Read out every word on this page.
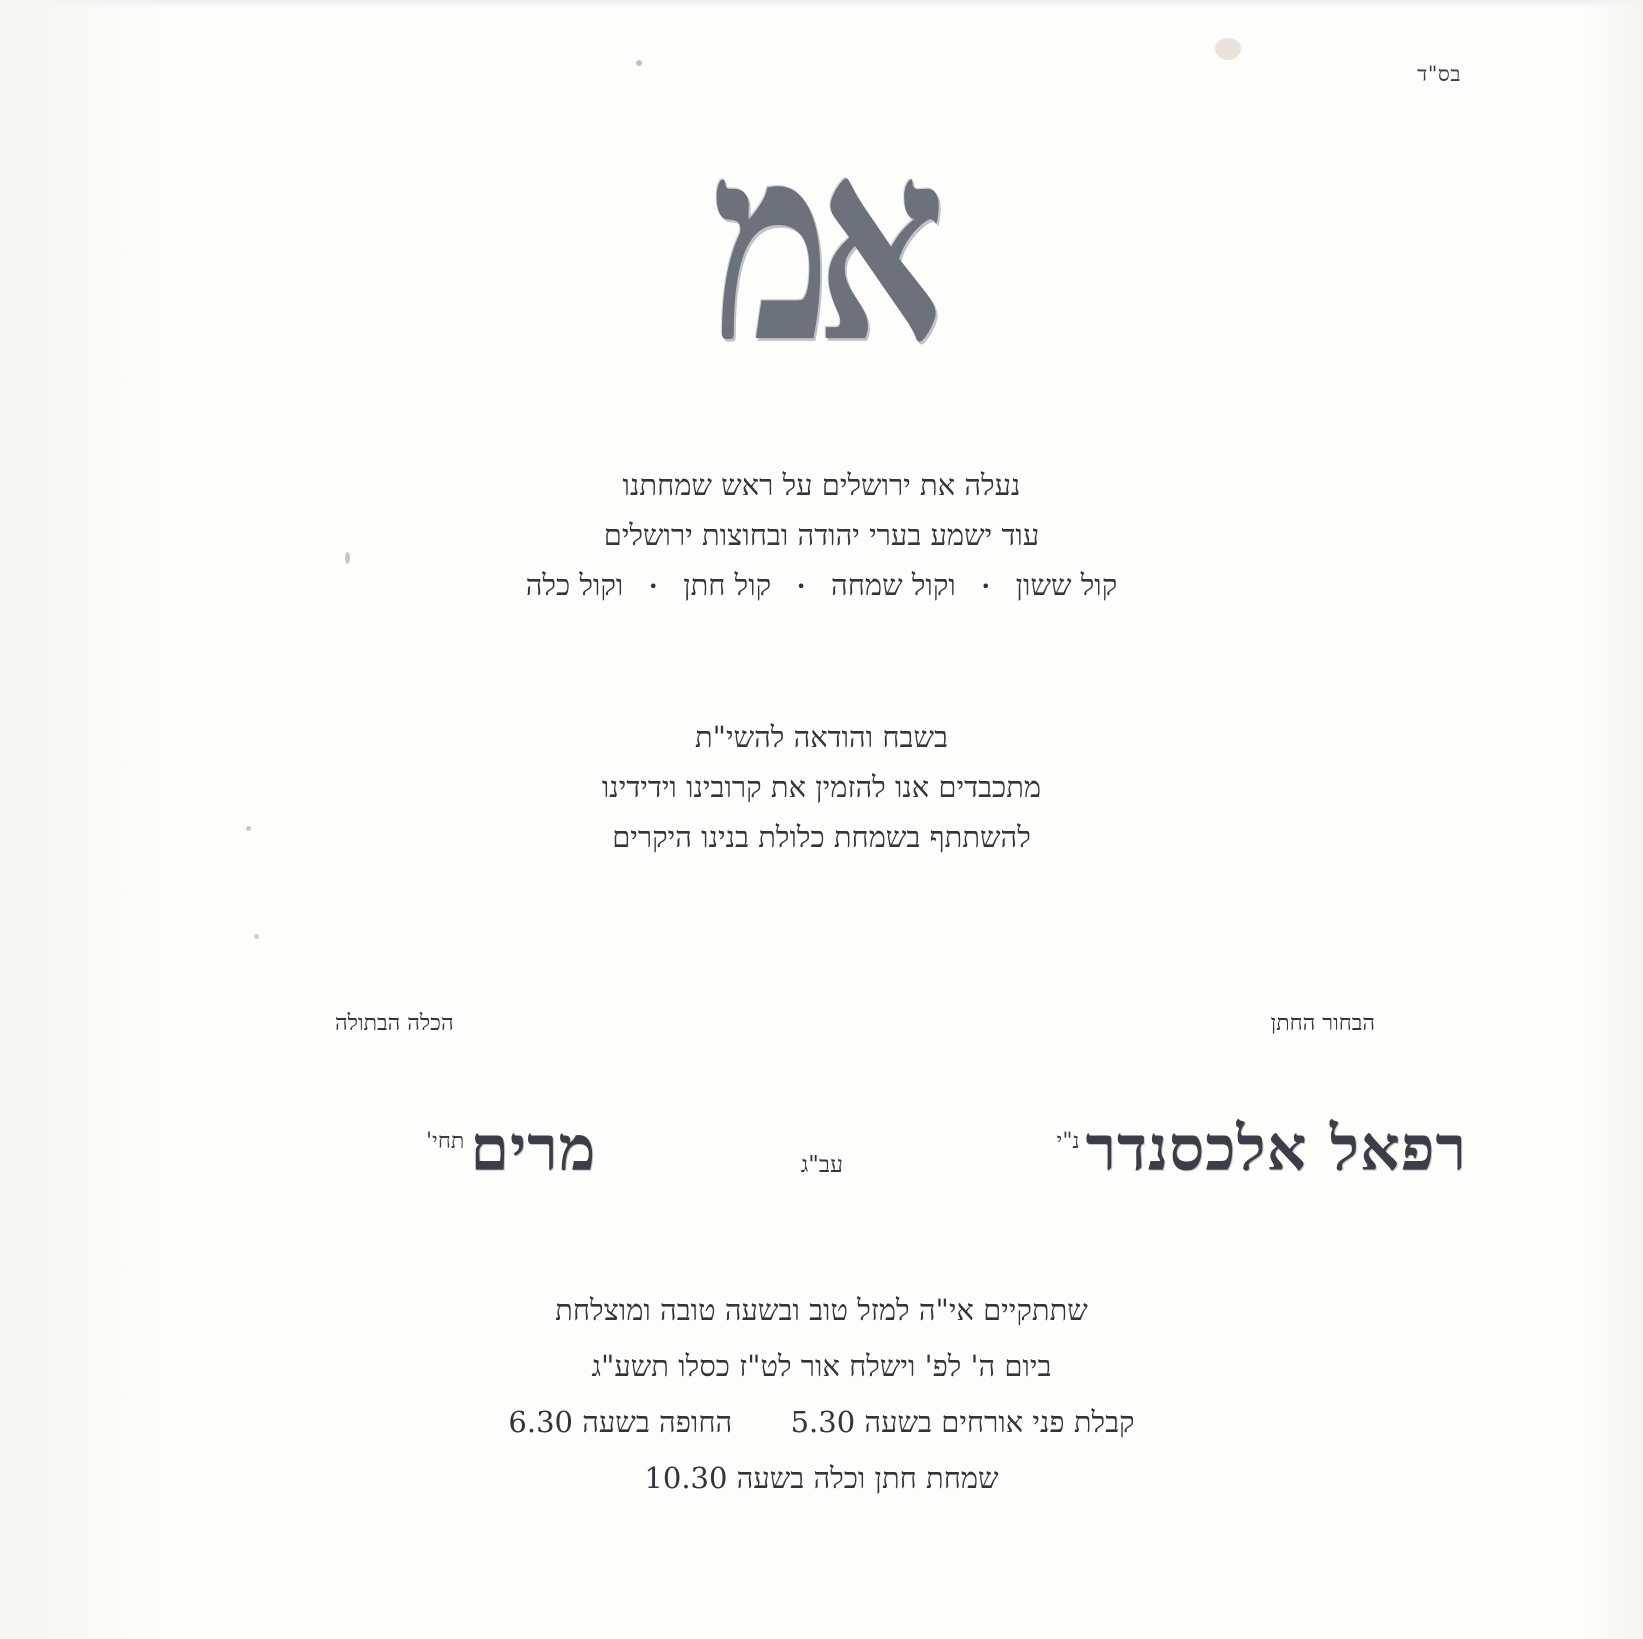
בס"ד
אמ
נעלה את ירושלים על ראש שמחתנו
עוד ישמע בערי יהודה ובחוצות ירושלים
קול ששון • וקול שמחה • קול חתן • וקול כלה
בשבח והודאה להשי"ת
מתכבדים אנו להזמין את קרובינו וידידינו
להשתתף בשמחת כלולת בנינו היקרים
הבחור החתן
הכלה הבתולה
רפאל אלכסנדר$^{נ"י}$
עב"ג
מרים$^{תחי'}$
שתתקיים אי"ה למזל טוב ובשעה טובה ומוצלחת
ביום ה' לפ' וישלח אור לט"ז כסלו תשע"ג
קבלת פני אורחים בשעה 5.30  החופה בשעה 6.30
שמחת חתן וכלה בשעה 10.30
